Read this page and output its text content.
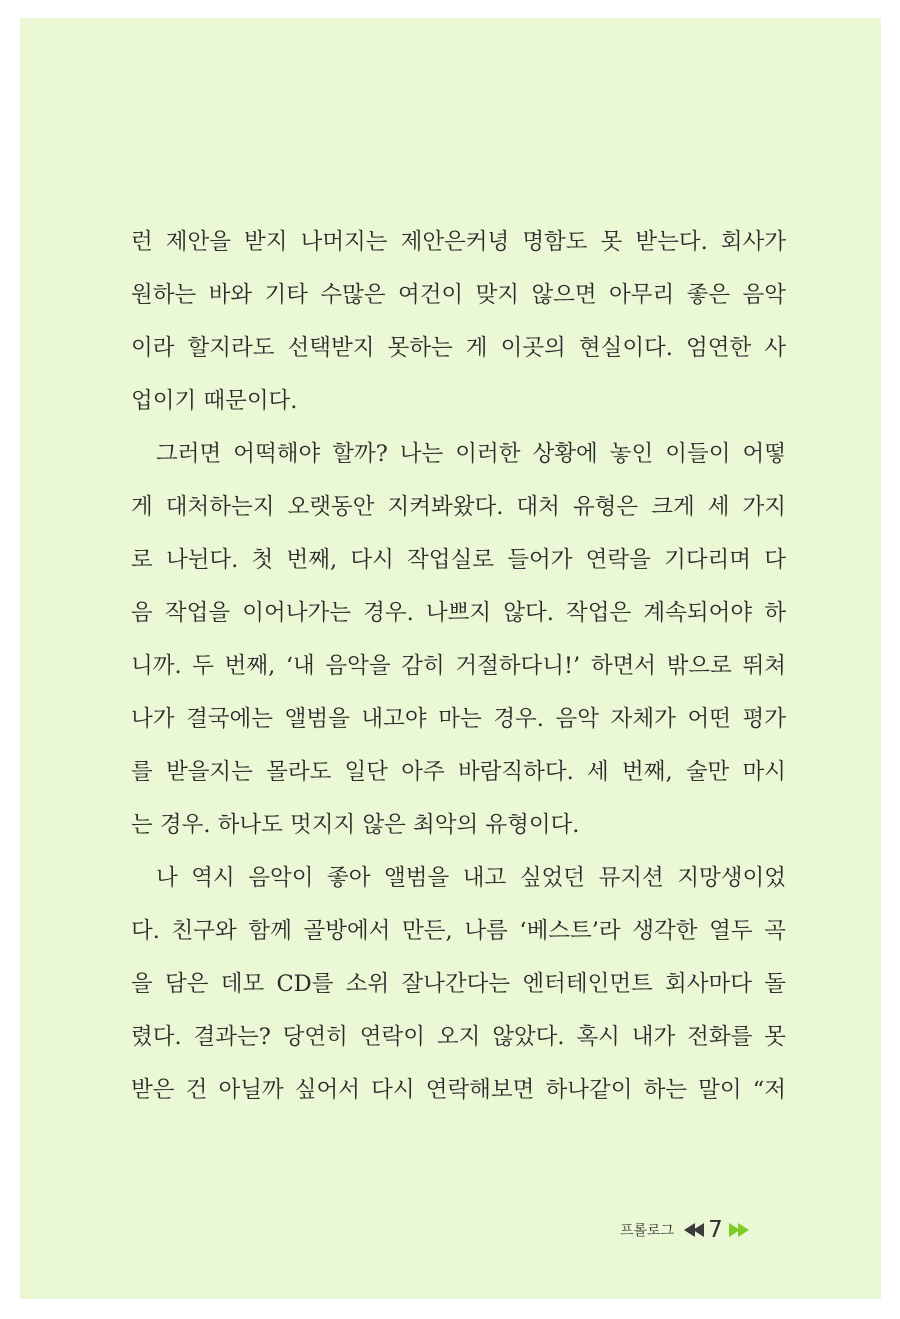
런 제안을 받지 나머지는 제안은커녕 명함도 못 받는다. 회사가
원하는 바와 기타 수많은 여건이 맞지 않으면 아무리 좋은 음악
이라 할지라도 선택받지 못하는 게 이곳의 현실이다. 엄연한 사
업이기 때문이다.
그러면 어떡해야 할까? 나는 이러한 상황에 놓인 이들이 어떻
게 대처하는지 오랫동안 지켜봐왔다. 대처 유형은 크게 세 가지
로 나뉜다. 첫 번째, 다시 작업실로 들어가 연락을 기다리며 다
음 작업을 이어나가는 경우. 나쁘지 않다. 작업은 계속되어야 하
니까. 두 번째, ‘내 음악을 감히 거절하다니!’ 하면서 밖으로 뛰쳐
나가 결국에는 앨범을 내고야 마는 경우. 음악 자체가 어떤 평가
를 받을지는 몰라도 일단 아주 바람직하다. 세 번째, 술만 마시
는 경우. 하나도 멋지지 않은 최악의 유형이다.
나 역시 음악이 좋아 앨범을 내고 싶었던 뮤지션 지망생이었
다. 친구와 함께 골방에서 만든, 나름 ‘베스트’라 생각한 열두 곡
을 담은 데모 CD를 소위 잘나간다는 엔터테인먼트 회사마다 돌
렸다. 결과는? 당연히 연락이 오지 않았다. 혹시 내가 전화를 못
받은 건 아닐까 싶어서 다시 연락해보면 하나같이 하는 말이 “저
프롤로그 7
